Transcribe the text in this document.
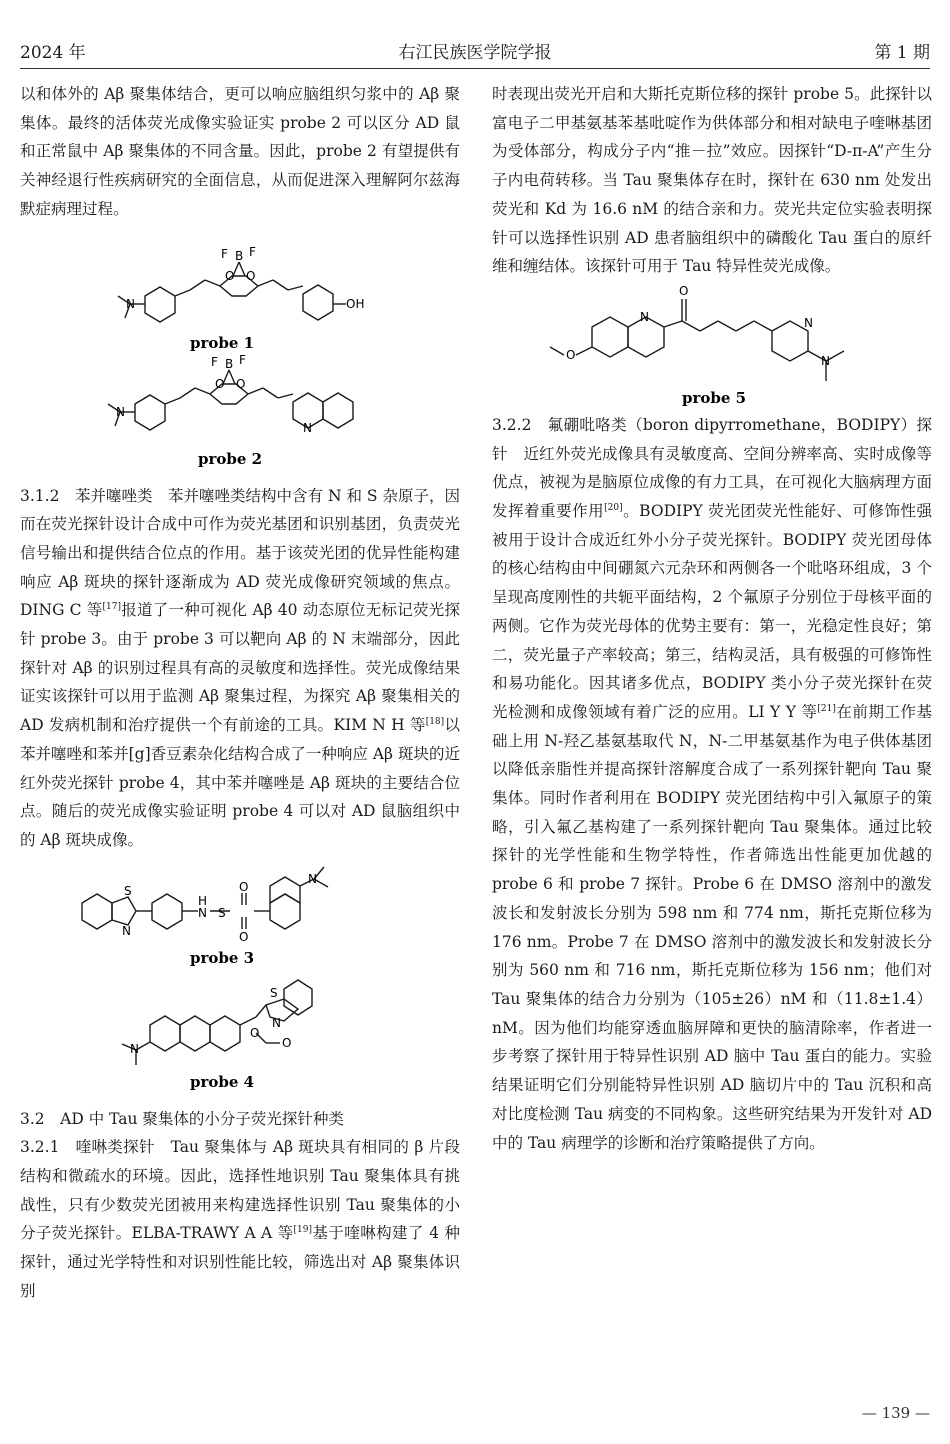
2024 年	右江民族医学院学报	第 1 期

以和体外的 Aβ 聚集体结合，更可以响应脑组织匀浆中的 Aβ 聚集体。最终的活体荧光成像实验证实 probe 2 可以区分 AD 鼠和正常鼠中 Aβ 聚集体的不同含量。因此，probe 2 有望提供有关神经退行性疾病研究的全面信息，从而促进深入理解阿尔兹海默症病理过程。

F B F
O O
N	OH
probe 1
F B F
O O
N
N
probe 2

3.1.2　苯并噻唑类　苯并噻唑类结构中含有 N 和 S 杂原子，因而在荧光探针设计合成中可作为荧光基团和识别基团，负责荧光信号输出和提供结合位点的作用。基于该荧光团的优异性能构建响应 Aβ 斑块的探针逐渐成为 AD 荧光成像研究领域的焦点。DING C 等[17]报道了一种可视化 Aβ 40 动态原位无标记荧光探针 probe 3。由于 probe 3 可以靶向 Aβ 的 N 末端部分，因此探针对 Aβ 的识别过程具有高的灵敏度和选择性。荧光成像结果证实该探针可以用于监测 Aβ 聚集过程，为探究 Aβ 聚集相关的 AD 发病机制和治疗提供一个有前途的工具。KIM N H 等[18]以苯并噻唑和苯并[g]香豆素杂化结构合成了一种响应 Aβ 斑块的近红外荧光探针 probe 4，其中苯并噻唑是 Aβ 斑块的主要结合位点。随后的荧光成像实验证明 probe 4 可以对 AD 鼠脑组织中的 Aβ 斑块成像。

S
N
H
N S
O
O
N
probe 3
N
O
O
S
N
probe 4

3.2　AD 中 Tau 聚集体的小分子荧光探针种类

3.2.1　喹啉类探针　Tau 聚集体与 Aβ 斑块具有相同的 β 片段结构和微疏水的环境。因此，选择性地识别 Tau 聚集体具有挑战性，只有少数荧光团被用来构建选择性识别 Tau 聚集体的小分子荧光探针。ELBA-TRAWY A A 等[19]基于喹啉构建了 4 种探针，通过光学特性和对识别性能比较，筛选出对 Aβ 聚集体识别

时表现出荧光开启和大斯托克斯位移的探针 probe 5。此探针以富电子二甲基氨基苯基吡啶作为供体部分和相对缺电子喹啉基团为受体部分，构成分子内“推－拉”效应。因探针“D-π-A”产生分子内电荷转移。当 Tau 聚集体存在时，探针在 630 nm 处发出荧光和 Kd 为 16.6 nM 的结合亲和力。荧光共定位实验表明探针可以选择性识别 AD 患者脑组织中的磷酸化 Tau 蛋白的原纤维和缠结体。该探针可用于 Tau 特异性荧光成像。

O
O
N	N
N
probe 5

3.2.2　氟硼吡咯类（boron dipyrromethane，BODIPY）探针　近红外荧光成像具有灵敏度高、空间分辨率高、实时成像等优点，被视为是脑原位成像的有力工具，在可视化大脑病理方面发挥着重要作用[20]。BODIPY 荧光团荧光性能好、可修饰性强被用于设计合成近红外小分子荧光探针。BODIPY 荧光团母体的核心结构由中间硼氮六元杂环和两侧各一个吡咯环组成，3 个呈现高度刚性的共轭平面结构，2 个氟原子分别位于母核平面的两侧。它作为荧光母体的优势主要有：第一，光稳定性良好；第二，荧光量子产率较高；第三，结构灵活，具有极强的可修饰性和易功能化。因其诸多优点，BODIPY 类小分子荧光探针在荧光检测和成像领域有着广泛的应用。LI Y Y 等[21]在前期工作基础上用 N-羟乙基氨基取代 N，N-二甲基氨基作为电子供体基团以降低亲脂性并提高探针溶解度合成了一系列探针靶向 Tau 聚集体。同时作者利用在 BODIPY 荧光团结构中引入氟原子的策略，引入氟乙基构建了一系列探针靶向 Tau 聚集体。通过比较探针的光学性能和生物学特性，作者筛选出性能更加优越的 probe 6 和 probe 7 探针。Probe 6 在 DMSO 溶剂中的激发波长和发射波长分别为 598 nm 和 774 nm，斯托克斯位移为 176 nm。Probe 7 在 DMSO 溶剂中的激发波长和发射波长分别为 560 nm 和 716 nm，斯托克斯位移为 156 nm；他们对 Tau 聚集体的结合力分别为（105±26）nM 和（11.8±1.4）nM。因为他们均能穿透血脑屏障和更快的脑清除率，作者进一步考察了探针用于特异性识别 AD 脑中 Tau 蛋白的能力。实验结果证明它们分别能特异性识别 AD 脑切片中的 Tau 沉积和高对比度检测 Tau 病变的不同构象。这些研究结果为开发针对 AD 中的 Tau 病理学的诊断和治疗策略提供了方向。

— 139 —
